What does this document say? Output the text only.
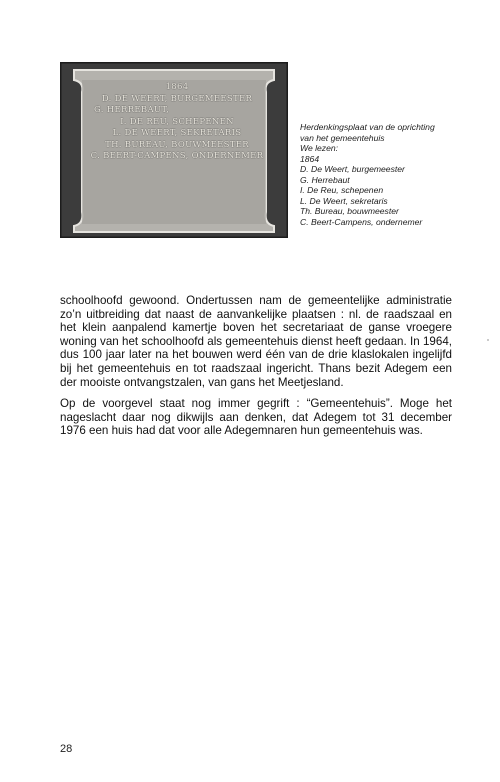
1864
D. DE WEERT, BURGEMEESTER
G. HERREBAUT,
I. DE REU, SCHEPENEN
L. DE WEERT, SEKRETARIS
TH. BUREAU, BOUWMEESTER
C. BEERT-CAMPENS, ONDERNEMER
Herdenkingsplaat van de oprichting
van het gemeentehuis
We lezen:
1864
D. De Weert, burgemeester
G. Herrebaut
I. De Reu, schepenen
L. De Weert, sekretaris
Th. Bureau, bouwmeester
C. Beert-Campens, ondernemer

schoolhoofd gewoond. Ondertussen nam de gemeentelijke administratie zo’n uitbreiding dat naast de aanvankelijke plaatsen : nl. de raadszaal en het klein aanpalend kamertje boven het secretariaat de ganse vroegere woning van het schoolhoofd als gemeentehuis dienst heeft gedaan. In 1964, dus 100 jaar later na het bouwen werd één van de drie klaslokalen ingelijfd bij het gemeentehuis en tot raadszaal ingericht. Thans bezit Adegem een der mooiste ontvangstzalen, van gans het Meetjesland.

Op de voorgevel staat nog immer gegrift : “Gemeentehuis”. Moge het nageslacht daar nog dikwijls aan denken, dat Adegem tot 31 december 1976 een huis had dat voor alle Adegemnaren hun gemeentehuis was.

28
